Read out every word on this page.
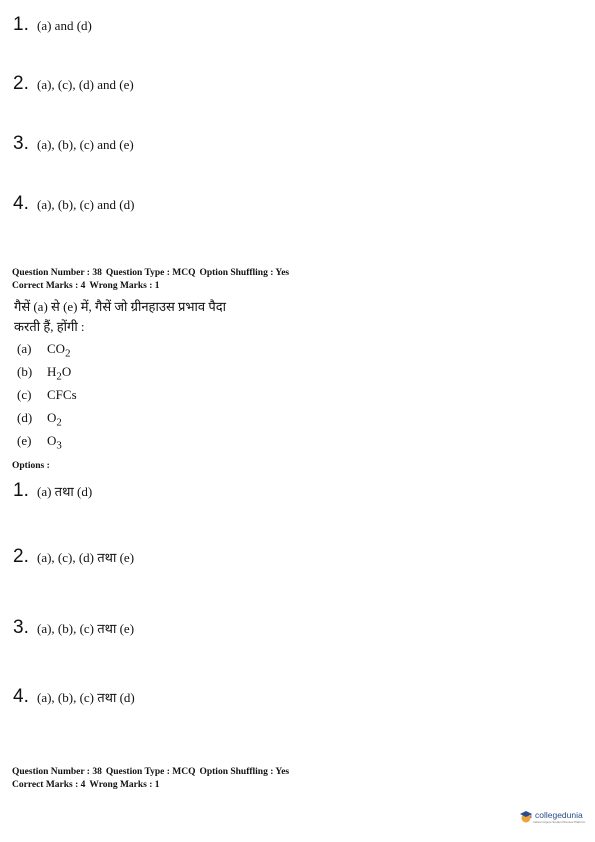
1. (a) and (d)
2. (a), (c), (d) and (e)
3. (a), (b), (c) and (e)
4. (a), (b), (c) and (d)
Question Number : 38 Question Type : MCQ Option Shuffling : Yes
Correct Marks : 4 Wrong Marks : 1
गैसें (a) से (e) में, गैसें जो ग्रीनहाउस प्रभाव पैदा
करती हैं, होंगी :
(a)	$CO_2$
(b)	$H_2O$
(c)	CFCs
(d)	$O_2$
(e)	$O_3$
Options :
1. (a) तथा (d)
2. (a), (c), (d) तथा (e)
3. (a), (b), (c) तथा (e)
4. (a), (b), (c) तथा (d)
Question Number : 38 Question Type : MCQ Option Shuffling : Yes
Correct Marks : 4 Wrong Marks : 1
collegedunia
India's largest Student Review Platform
